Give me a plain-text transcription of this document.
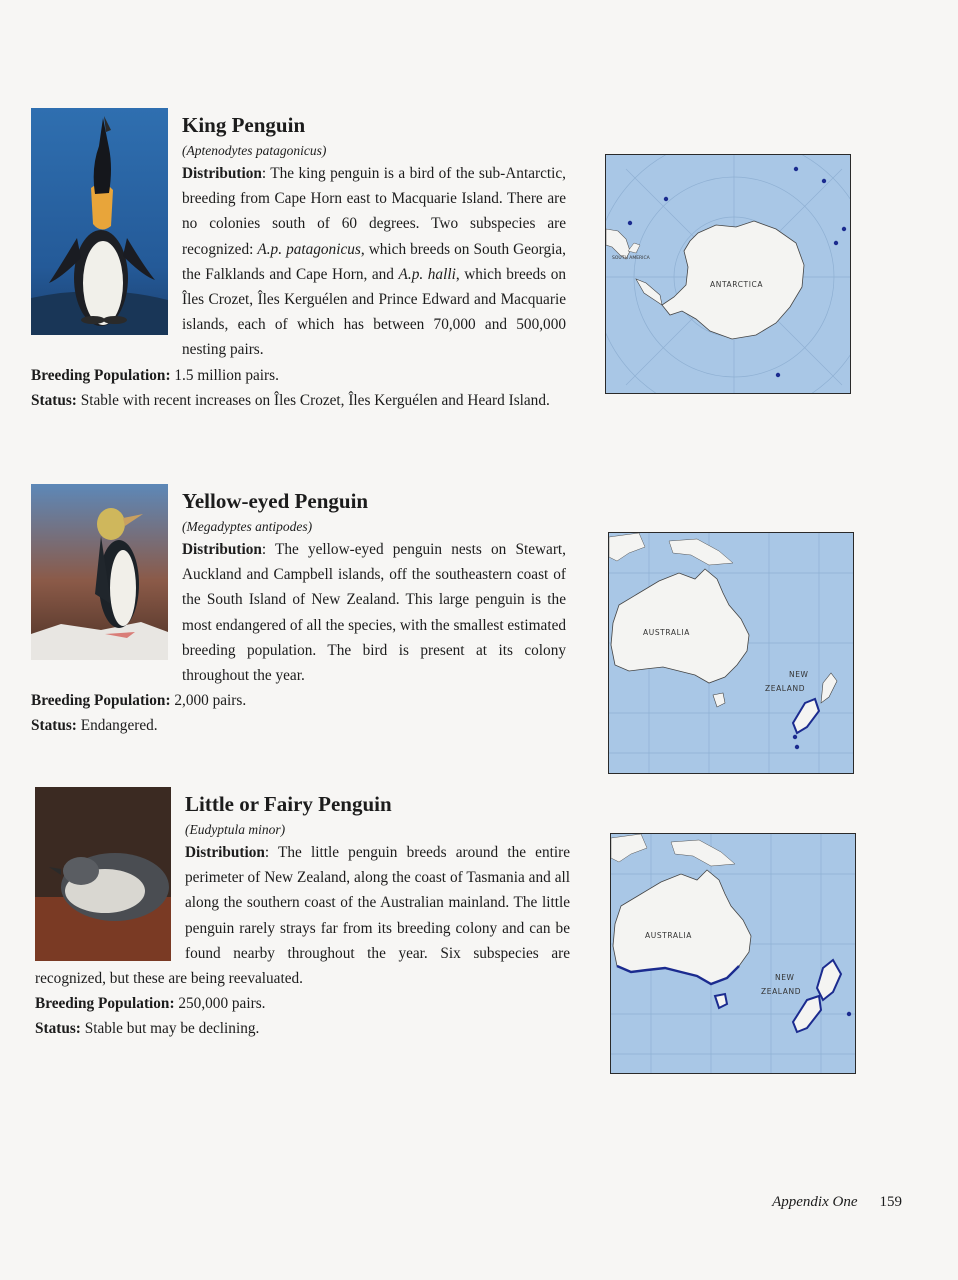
King Penguin
(Aptenodytes patagonicus)
Distribution: The king penguin is a bird of the sub-Antarctic, breeding from Cape Horn east to Macquarie Island. There are no colonies south of 60 degrees. Two subspecies are recognized: A.p. patagonicus, which breeds on South Georgia, the Falklands and Cape Horn, and A.p. halli, which breeds on Îles Crozet, Îles Kerguélen and Prince Edward and Macquarie islands, each of which has between 70,000 and 500,000 nesting pairs.
Breeding Population: 1.5 million pairs.
Status: Stable with recent increases on Îles Crozet, Îles Kerguélen and Heard Island.
SOUTH AMERICA
ANTARCTICA
Yellow-eyed Penguin
(Megadyptes antipodes)
Distribution: The yellow-eyed penguin nests on Stewart, Auckland and Campbell islands, off the southeastern coast of the South Island of New Zealand. This large penguin is the most endangered of all the species, with the smallest estimated breeding population. The bird is present at its colony throughout the year.
Breeding Population: 2,000 pairs.
Status: Endangered.
AUSTRALIA
NEW
ZEALAND
Little or Fairy Penguin
(Eudyptula minor)
Distribution: The little penguin breeds around the entire perimeter of New Zealand, along the coast of Tasmania and all along the southern coast of the Australian mainland. The little penguin rarely strays far from its breeding colony and can be found nearby throughout the year. Six subspecies are recognized, but these are being reevaluated.
Breeding Population: 250,000 pairs.
Status: Stable but may be declining.
AUSTRALIA
NEW
ZEALAND
Appendix One 159
